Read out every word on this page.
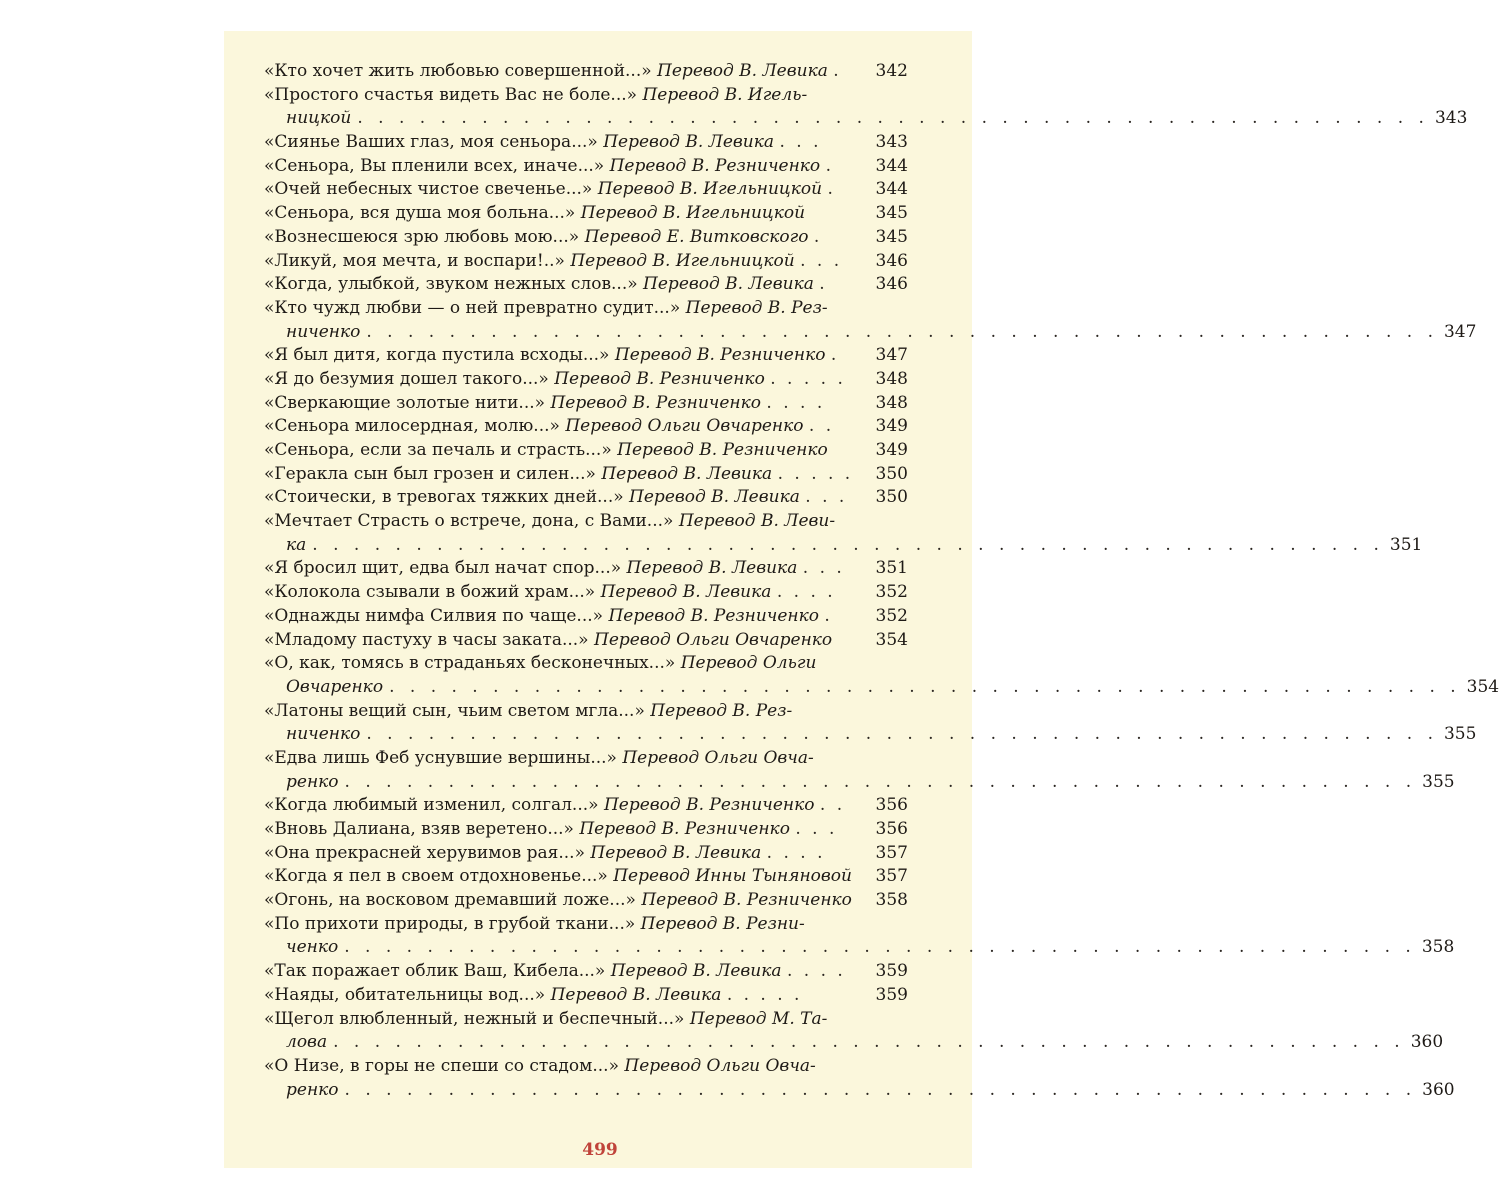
«Кто хочет жить любовью совершенной...» Перевод В. Левика . 342
«Простого счастья видеть Вас не боле...» Перевод В. Игель-
ницкой . . . . . . . . . . . . . . . . . . . . . . . . . . . . . . . . . . . . . . . . . . . . . . . . . . . . 343
«Сиянье Ваших глаз, моя сеньора...» Перевод В. Левика . . .	343
«Сеньора, Вы пленили всех, иначе...» Перевод В. Резниченко . 344
«Очей небесных чистое свеченье...» Перевод В. Игельницкой . 344
«Сеньора, вся душа моя больна...» Перевод В. Игельницкой	345
«Вознесшеюся зрю любовь мою...» Перевод Е. Витковского .	345
«Ликуй, моя мечта, и воспари!..» Перевод В. Игельницкой . . . 346
«Когда, улыбкой, звуком нежных слов...» Перевод В. Левика .	346
«Кто чужд любви — о ней превратно судит...» Перевод В. Рез-
ниченко . . . . . . . . . . . . . . . . . . . . . . . . . . . . . . . . . . . . . . . . . . . . . . . . . . . . 347
«Я был дитя, когда пустила всходы...» Перевод В. Резниченко . 347
«Я до безумия дошел такого...» Перевод В. Резниченко . . . . . 348
«Сверкающие золотые нити...» Перевод В. Резниченко . . . .	348
«Сеньора милосердная, молю...» Перевод Ольги Овчаренко . . 349
«Сеньора, если за печаль и страсть...» Перевод В. Резниченко	349
«Геракла сын был грозен и силен...» Перевод В. Левика . . . . . 350
«Стоически, в тревогах тяжких дней...» Перевод В. Левика . . . 350
«Мечтает Страсть о встрече, дона, с Вами...» Перевод В. Леви-
ка . . . . . . . . . . . . . . . . . . . . . . . . . . . . . . . . . . . . . . . . . . . . . . . . . . . . 351
«Я бросил щит, едва был начат спор...» Перевод В. Левика . . . 351
«Колокола сзывали в божий храм...» Перевод В. Левика . . . . 352
«Однажды нимфа Силвия по чаще...» Перевод В. Резниченко .	352
«Младому пастуху в часы заката...» Перевод Ольги Овчаренко	354
«О, как, томясь в страданьях бесконечных...» Перевод Ольги
Овчаренко . . . . . . . . . . . . . . . . . . . . . . . . . . . . . . . . . . . . . . . . . . . . . . . . . . . . 354
«Латоны вещий сын, чьим светом мгла...» Перевод В. Рез-
ниченко . . . . . . . . . . . . . . . . . . . . . . . . . . . . . . . . . . . . . . . . . . . . . . . . . . . . 355
«Едва лишь Феб уснувшие вершины...» Перевод Ольги Овча-
ренко . . . . . . . . . . . . . . . . . . . . . . . . . . . . . . . . . . . . . . . . . . . . . . . . . . . . 355
«Когда любимый изменил, солгал...» Перевод В. Резниченко . . 356
«Вновь Далиана, взяв веретено...» Перевод В. Резниченко . . . 356
«Она прекрасней херувимов рая...» Перевод В. Левика . . . .	357
«Когда я пел в своем отдохновенье...» Перевод Инны Тыняновой 357
«Огонь, на восковом дремавший ложе...» Перевод В. Резниченко 358
«По прихоти природы, в грубой ткани...» Перевод В. Резни-
ченко . . . . . . . . . . . . . . . . . . . . . . . . . . . . . . . . . . . . . . . . . . . . . . . . . . . . 358
«Так поражает облик Ваш, Кибела...» Перевод В. Левика . . . . 359
«Наяды, обитательницы вод...» Перевод В. Левика . . . . .	359
«Щегол влюбленный, нежный и беспечный...» Перевод М. Та-
лова . . . . . . . . . . . . . . . . . . . . . . . . . . . . . . . . . . . . . . . . . . . . . . . . . . . . 360
«О Низе, в горы не спеши со стадом...» Перевод Ольги Овча-
ренко . . . . . . . . . . . . . . . . . . . . . . . . . . . . . . . . . . . . . . . . . . . . . . . . . . . . 360
499
